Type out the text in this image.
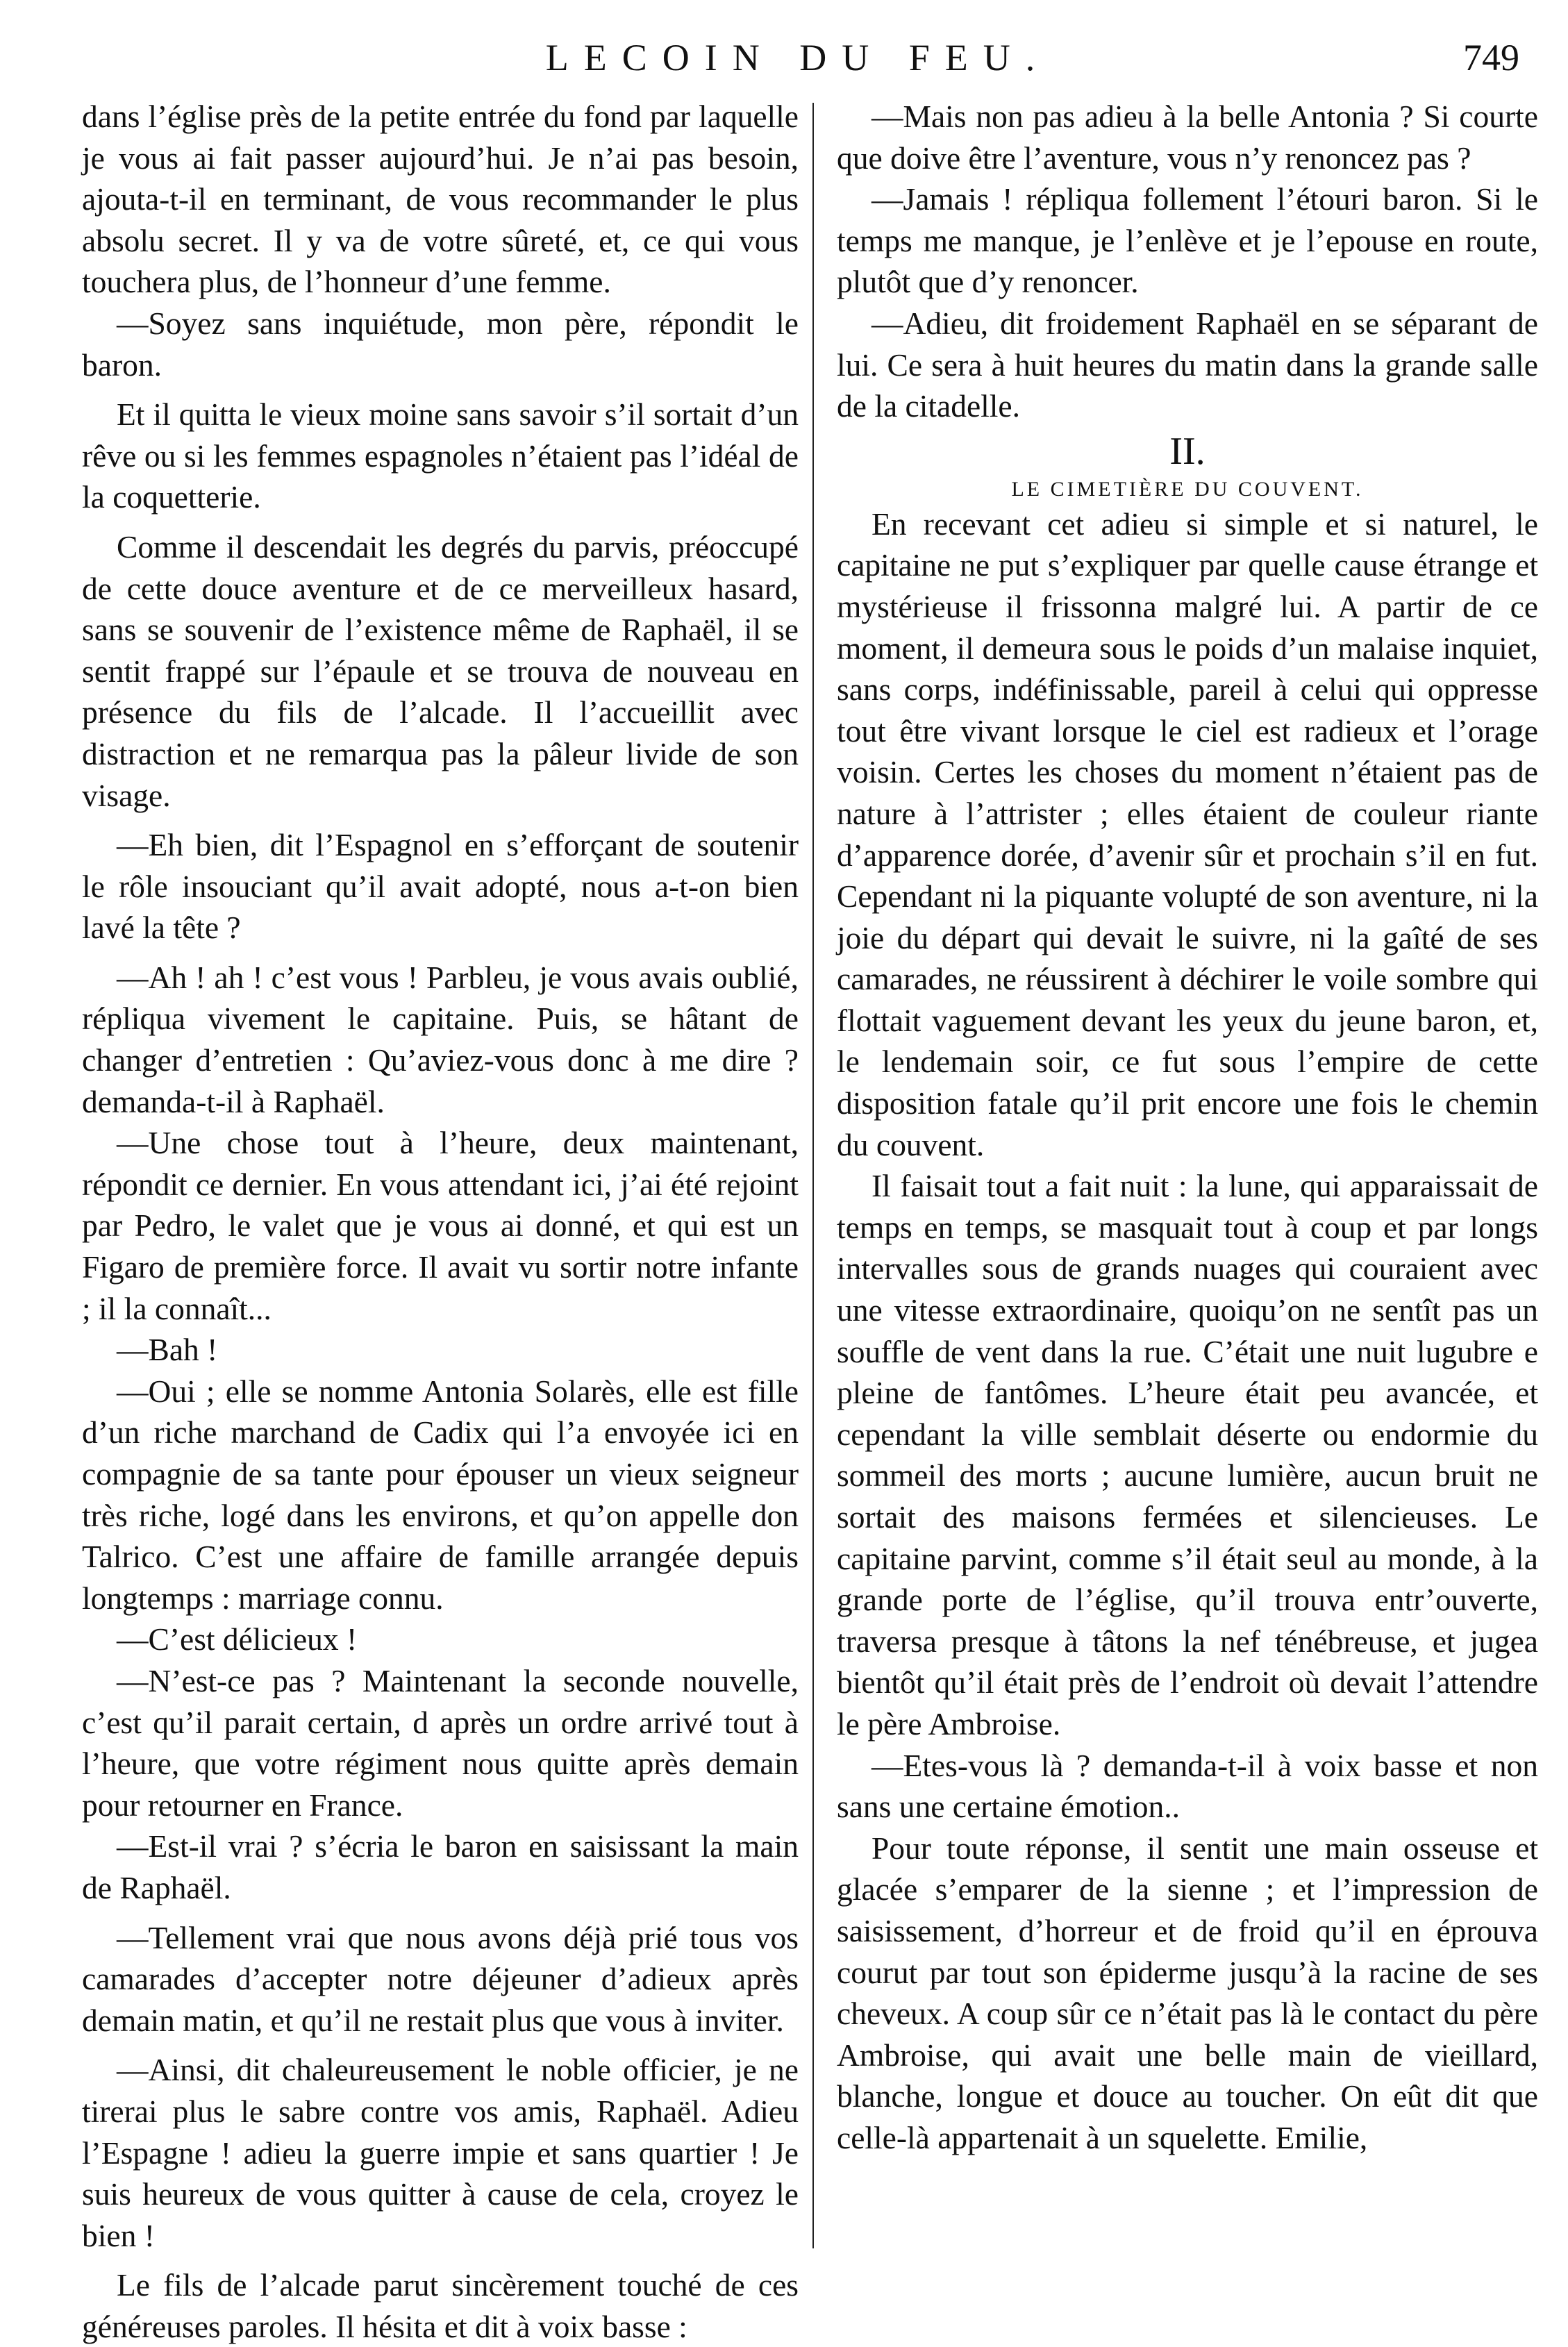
LECOIN DU FEU.	749

dans l’église près de la petite entrée du fond par laquelle je vous ai fait passer aujourd’hui. Je n’ai pas besoin, ajouta-t-il en terminant, de vous recommander le plus absolu secret. Il y va de votre sûreté, et, ce qui vous touchera plus, de l’honneur d’une femme.

—Soyez sans inquiétude, mon père, répondit le baron.

Et il quitta le vieux moine sans savoir s’il sortait d’un rêve ou si les femmes espagnoles n’étaient pas l’idéal de la coquetterie.

Comme il descendait les degrés du parvis, préoccupé de cette douce aventure et de ce merveilleux hasard, sans se souvenir de l’existence même de Raphaël, il se sentit frappé sur l’épaule et se trouva de nouveau en présence du fils de l’alcade. Il l’accueillit avec distraction et ne remarqua pas la pâleur livide de son visage.

—Eh bien, dit l’Espagnol en s’efforçant de soutenir le rôle insouciant qu’il avait adopté, nous a-t-on bien lavé la tête ?

—Ah ! ah ! c’est vous ! Parbleu, je vous avais oublié, répliqua vivement le capitaine. Puis, se hâtant de changer d’entretien : Qu’aviez-vous donc à me dire ? demanda-t-il à Raphaël.

—Une chose tout à l’heure, deux maintenant, répondit ce dernier. En vous attendant ici, j’ai été rejoint par Pedro, le valet que je vous ai donné, et qui est un Figaro de première force. Il avait vu sortir notre infante ; il la connaît...

—Bah !

—Oui ; elle se nomme Antonia Solarès, elle est fille d’un riche marchand de Cadix qui l’a envoyée ici en compagnie de sa tante pour épouser un vieux seigneur très riche, logé dans les environs, et qu’on appelle don Talrico. C’est une affaire de famille arrangée depuis longtemps : marriage connu.

—C’est délicieux !

—N’est-ce pas ? Maintenant la seconde nouvelle, c’est qu’il parait certain, d après un ordre arrivé tout à l’heure, que votre régiment nous quitte après demain pour retourner en France.

—Est-il vrai ? s’écria le baron en saisissant la main de Raphaël.

—Tellement vrai que nous avons déjà prié tous vos camarades d’accepter notre déjeuner d’adieux après demain matin, et qu’il ne restait plus que vous à inviter.

—Ainsi, dit chaleureusement le noble officier, je ne tirerai plus le sabre contre vos amis, Raphaël. Adieu l’Espagne ! adieu la guerre impie et sans quartier ! Je suis heureux de vous quitter à cause de cela, croyez le bien !

Le fils de l’alcade parut sincèrement touché de ces généreuses paroles. Il hésita et dit à voix basse :

—Mais non pas adieu à la belle Antonia ? Si courte que doive être l’aventure, vous n’y renoncez pas ?

—Jamais ! répliqua follement l’étouri baron. Si le temps me manque, je l’enlève et je l’epouse en route, plutôt que d’y renoncer.

—Adieu, dit froidement Raphaël en se séparant de lui. Ce sera à huit heures du matin dans la grande salle de la citadelle.

II.

LE CIMETIÈRE DU COUVENT.

En recevant cet adieu si simple et si naturel, le capitaine ne put s’expliquer par quelle cause étrange et mystérieuse il frissonna malgré lui. A partir de ce moment, il demeura sous le poids d’un malaise inquiet, sans corps, indéfinissable, pareil à celui qui oppresse tout être vivant lorsque le ciel est radieux et l’orage voisin. Certes les choses du moment n’étaient pas de nature à l’attrister ; elles étaient de couleur riante d’apparence dorée, d’avenir sûr et prochain s’il en fut. Cependant ni la piquante volupté de son aventure, ni la joie du départ qui devait le suivre, ni la gaîté de ses camarades, ne réussirent à déchirer le voile sombre qui flottait vaguement devant les yeux du jeune baron, et, le lendemain soir, ce fut sous l’empire de cette disposition fatale qu’il prit encore une fois le chemin du couvent.

Il faisait tout a fait nuit : la lune, qui apparaissait de temps en temps, se masquait tout à coup et par longs intervalles sous de grands nuages qui couraient avec une vitesse extraordinaire, quoiqu’on ne sentît pas un souffle de vent dans la rue. C’était une nuit lugubre e pleine de fantômes. L’heure était peu avancée, et cependant la ville semblait déserte ou endormie du sommeil des morts ; aucune lumière, aucun bruit ne sortait des maisons fermées et silencieuses. Le capitaine parvint, comme s’il était seul au monde, à la grande porte de l’église, qu’il trouva entr’ouverte, traversa presque à tâtons la nef ténébreuse, et jugea bientôt qu’il était près de l’endroit où devait l’attendre le père Ambroise.

—Etes-vous là ? demanda-t-il à voix basse et non sans une certaine émotion..

Pour toute réponse, il sentit une main osseuse et glacée s’emparer de la sienne ; et l’impression de saisissement, d’horreur et de froid qu’il en éprouva courut par tout son épiderme jusqu’à la racine de ses cheveux. A coup sûr ce n’était pas là le contact du père Ambroise, qui avait une belle main de vieillard, blanche, longue et douce au toucher. On eût dit que celle-là appartenait à un squelette. Emilie,
